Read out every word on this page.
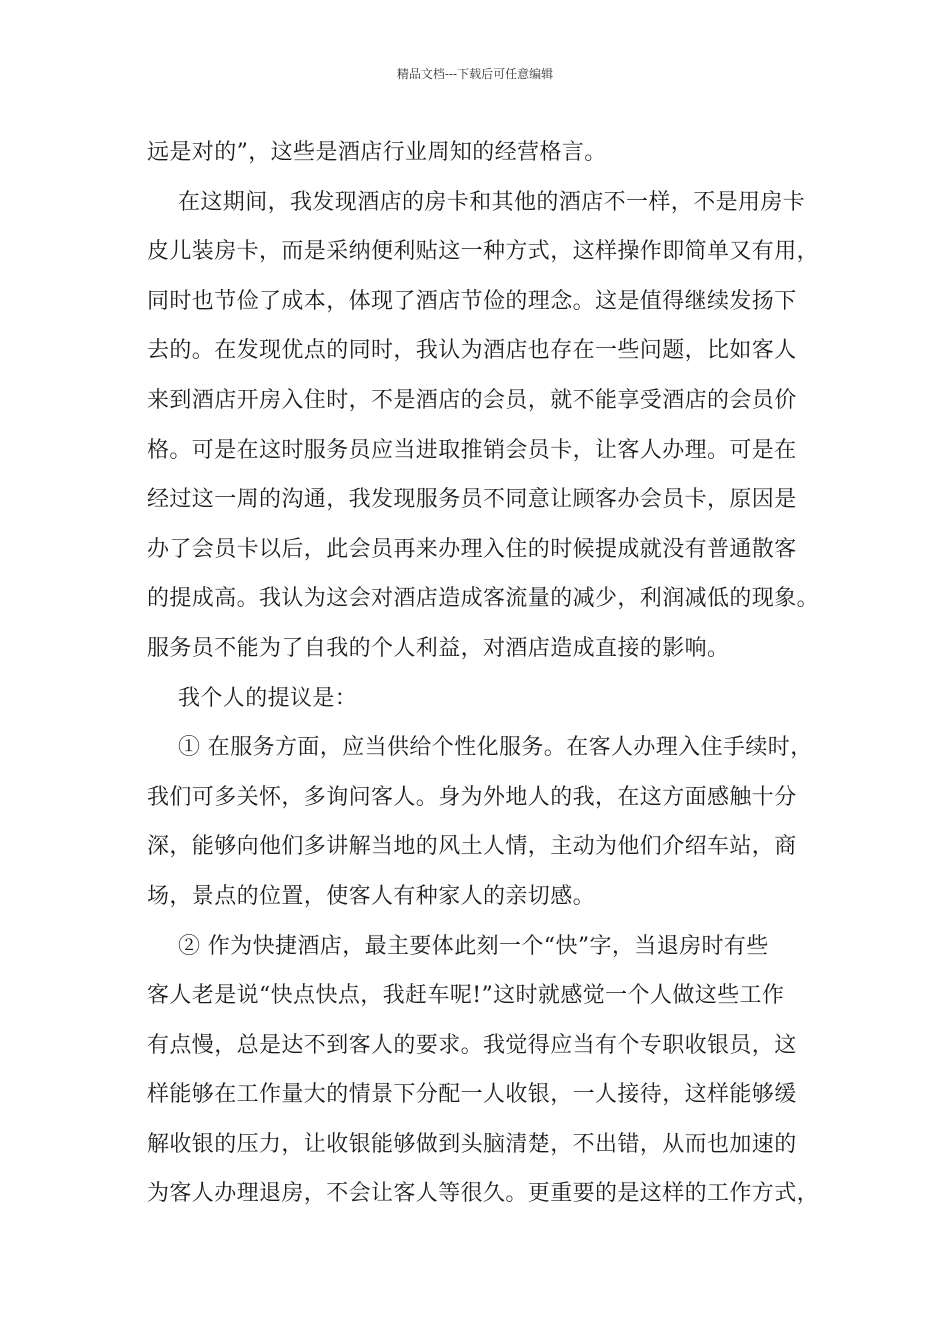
精品文档---下载后可任意编辑
远是对的”，这些是酒店行业周知的经营格言。
在这期间，我发现酒店的房卡和其他的酒店不一样，不是用房卡
皮儿装房卡，而是采纳便利贴这一种方式，这样操作即简单又有用，
同时也节俭了成本，体现了酒店节俭的理念。这是值得继续发扬下
去的。在发现优点的同时，我认为酒店也存在一些问题，比如客人
来到酒店开房入住时，不是酒店的会员，就不能享受酒店的会员价
格。可是在这时服务员应当进取推销会员卡，让客人办理。可是在
经过这一周的沟通，我发现服务员不同意让顾客办会员卡，原因是
办了会员卡以后，此会员再来办理入住的时候提成就没有普通散客
的提成高。我认为这会对酒店造成客流量的减少，利润减低的现象。
服务员不能为了自我的个人利益，对酒店造成直接的影响。
我个人的提议是：
① 在服务方面，应当供给个性化服务。在客人办理入住手续时，
我们可多关怀，多询问客人。身为外地人的我，在这方面感触十分
深，能够向他们多讲解当地的风土人情，主动为他们介绍车站，商
场，景点的位置，使客人有种家人的亲切感。
② 作为快捷酒店，最主要体此刻一个“快”字，当退房时有些
客人老是说“快点快点，我赶车呢!”这时就感觉一个人做这些工作
有点慢，总是达不到客人的要求。我觉得应当有个专职收银员，这
样能够在工作量大的情景下分配一人收银，一人接待，这样能够缓
解收银的压力，让收银能够做到头脑清楚，不出错，从而也加速的
为客人办理退房，不会让客人等很久。更重要的是这样的工作方式，
